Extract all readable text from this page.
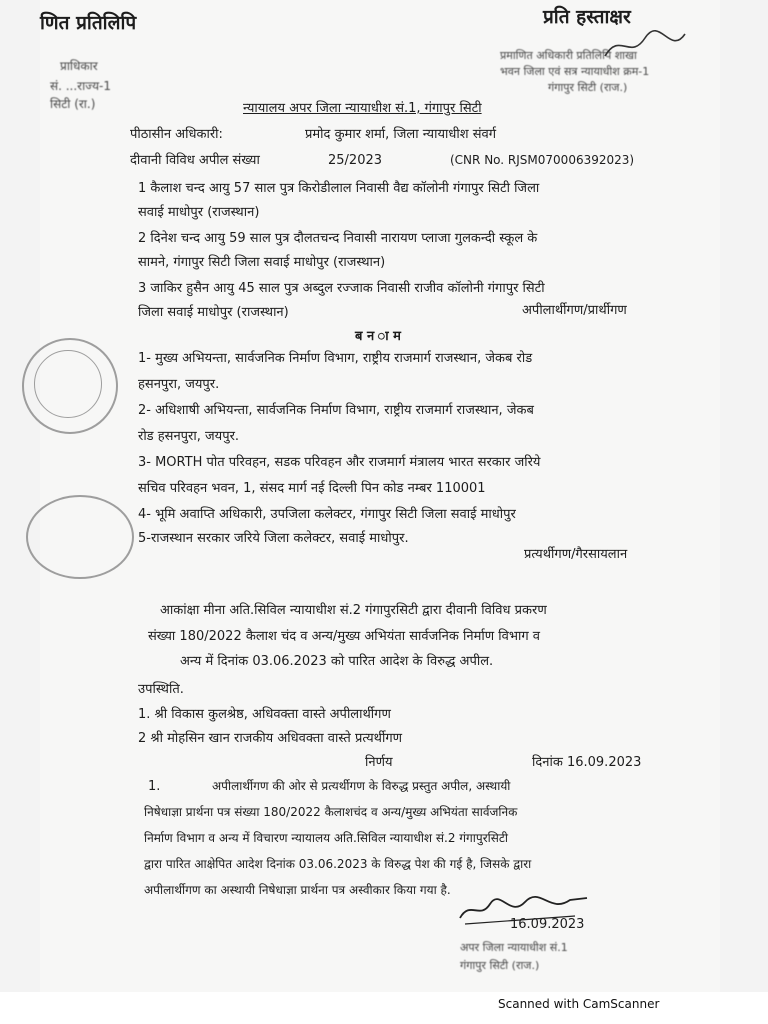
णित प्रतिलिपि
प्राधिकार
सं. ...राज्य-1
सिटी (रा.)
प्रति हस्ताक्षर
प्रमाणित अधिकारी प्रतिलिपि शाखा
भवन जिला एवं सत्र न्यायाधीश क्रम-1
गंगापुर सिटी (राज.)
न्यायालय अपर जिला न्यायाधीश सं.1, गंगापुर सिटी
पीठासीन अधिकारी:	प्रमोद कुमार शर्मा, जिला न्यायाधीश संवर्ग
दीवानी विविध अपील संख्या	25/2023	(CNR No. RJSM070006392023)
1 कैलाश चन्द आयु 57 साल पुत्र किरोडीलाल निवासी वैद्य कॉलोनी गंगापुर सिटी जिला
सवाई माधोपुर (राजस्थान)
2 दिनेश चन्द आयु 59 साल पुत्र दौलतचन्द निवासी नारायण प्लाजा गुलकन्दी स्कूल के
सामने, गंगापुर सिटी जिला सवाई माधोपुर (राजस्थान)
3 जाकिर हुसैन आयु 45 साल पुत्र अब्दुल रज्जाक निवासी राजीव कॉलोनी गंगापुर सिटी
जिला सवाई माधोपुर (राजस्थान)	अपीलार्थीगण/प्रार्थीगण
ब न ा म
1- मुख्य अभियन्ता, सार्वजनिक निर्माण विभाग, राष्ट्रीय राजमार्ग राजस्थान, जेकब रोड
हसनपुरा, जयपुर.
2- अधिशाषी अभियन्ता, सार्वजनिक निर्माण विभाग, राष्ट्रीय राजमार्ग राजस्थान, जेकब
रोड हसनपुरा, जयपुर.
3- MORTH पोत परिवहन, सडक परिवहन और राजमार्ग मंत्रालय भारत सरकार जरिये
सचिव परिवहन भवन, 1, संसद मार्ग नई दिल्ली पिन कोड नम्बर 110001
4- भूमि अवाप्ति अधिकारी, उपजिला कलेक्टर, गंगापुर सिटी जिला सवाई माधोपुर
5-राजस्थान सरकार जरिये जिला कलेक्टर, सवाई माधोपुर.
प्रत्यर्थीगण/गैरसायलान
आकांक्षा मीना अति.सिविल न्यायाधीश सं.2 गंगापुरसिटी द्वारा दीवानी विविध प्रकरण
संख्या 180/2022 कैलाश चंद व अन्य/मुख्य अभियंता सार्वजनिक निर्माण विभाग व
अन्य में दिनांक 03.06.2023 को पारित आदेश के विरुद्ध अपील.
उपस्थिति.
1. श्री विकास कुलश्रेष्ठ, अधिवक्ता वास्ते अपीलार्थीगण
2 श्री मोहसिन खान राजकीय अधिवक्ता वास्ते प्रत्यर्थीगण
निर्णय	दिनांक 16.09.2023
1.	अपीलार्थीगण की ओर से प्रत्यर्थीगण के विरुद्ध प्रस्तुत अपील, अस्थायी
निषेधाज्ञा प्रार्थना पत्र संख्या 180/2022 कैलाशचंद व अन्य/मुख्य अभियंता सार्वजनिक
निर्माण विभाग व अन्य में विचारण न्यायालय अति.सिविल न्यायाधीश सं.2 गंगापुरसिटी
द्वारा पारित आक्षेपित आदेश दिनांक 03.06.2023 के विरुद्ध पेश की गई है, जिसके द्वारा
अपीलार्थीगण का अस्थायी निषेधाज्ञा प्रार्थना पत्र अस्वीकार किया गया है.
16.09.2023
अपर जिला न्यायाधीश सं.1
गंगापुर सिटी (राज.)
Scanned with CamScanner
